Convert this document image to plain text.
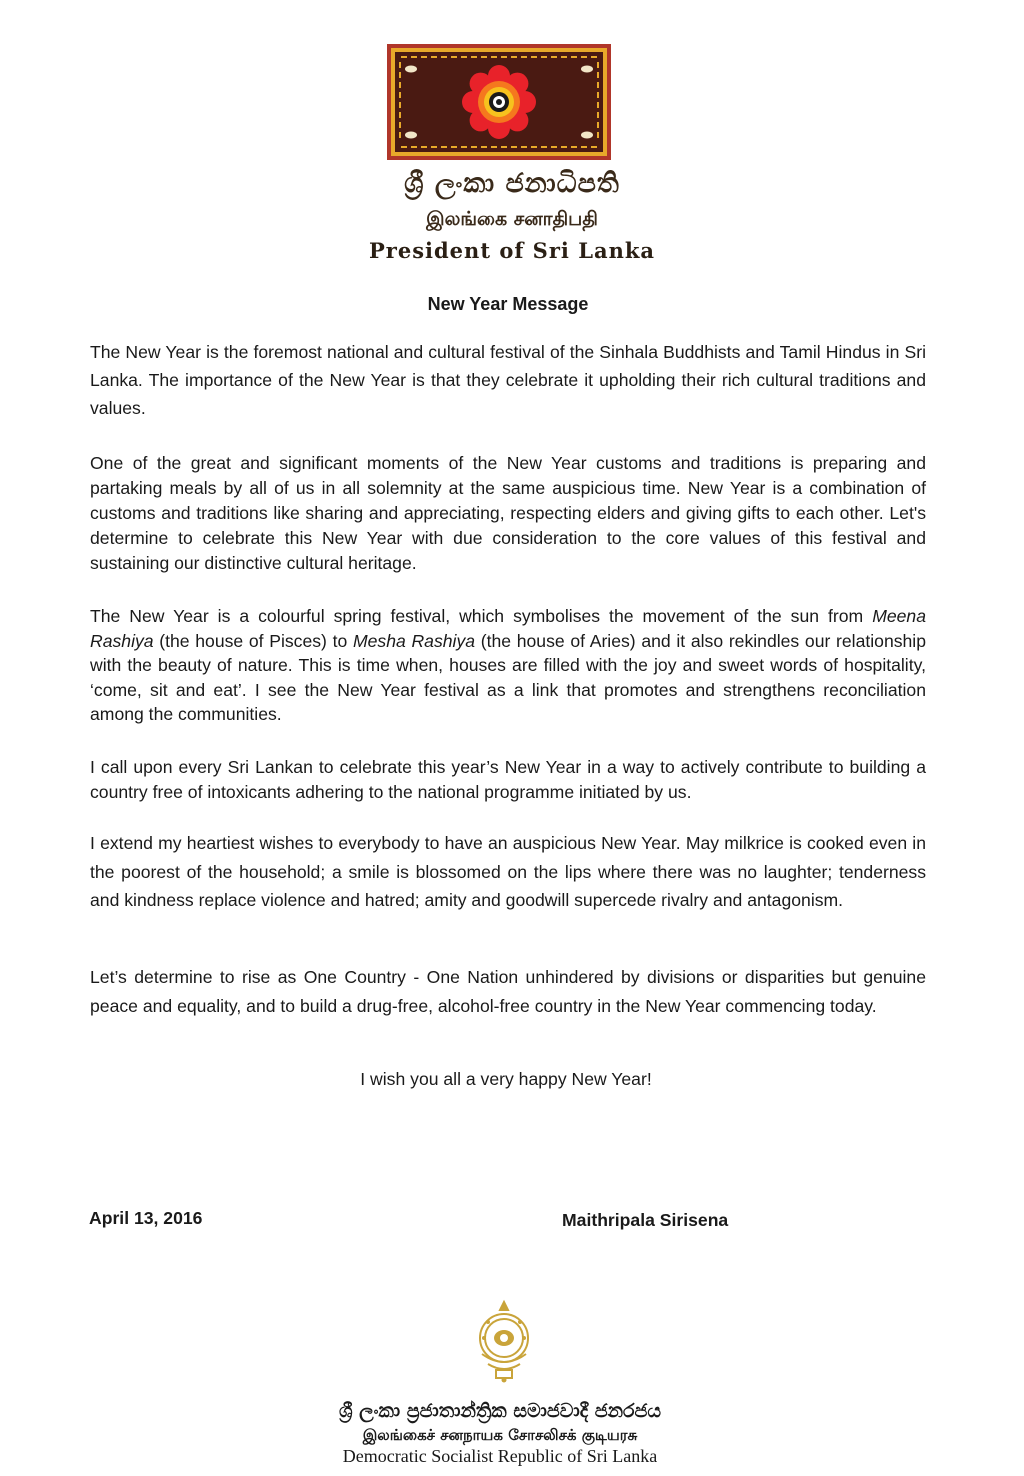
ශ්‍රී ලංකා ජනාධිපති
இலங்கை சனாதிபதி
President of Sri Lanka
New Year Message

The New Year is the foremost national and cultural festival of the Sinhala Buddhists and Tamil Hindus in Sri Lanka. The importance of the New Year is that they celebrate it upholding their rich cultural traditions and values.

One of the great and significant moments of the New Year customs and traditions is preparing and partaking meals by all of us in all solemnity at the same auspicious time. New Year is a combination of customs and traditions like sharing and appreciating, respecting elders and giving gifts to each other. Let's determine to celebrate this New Year with due consideration to the core values of this festival and sustaining our distinctive cultural heritage.

The New Year is a colourful spring festival, which symbolises the movement of the sun from Meena Rashiya (the house of Pisces) to Mesha Rashiya (the house of Aries) and it also rekindles our relationship with the beauty of nature. This is time when, houses are filled with the joy and sweet words of hospitality, ‘come, sit and eat’. I see the New Year festival as a link that promotes and strengthens reconciliation among the communities.

I call upon every Sri Lankan to celebrate this year’s New Year in a way to actively contribute to building a country free of intoxicants adhering to the national programme initiated by us.

I extend my heartiest wishes to everybody to have an auspicious New Year. May milkrice is cooked even in the poorest of the household; a smile is blossomed on the lips where there was no laughter; tenderness and kindness replace violence and hatred; amity and goodwill supercede rivalry and antagonism.

Let’s determine to rise as One Country - One Nation unhindered by divisions or disparities but genuine peace and equality, and to build a drug-free, alcohol-free country in the New Year commencing today.

I wish you all a very happy New Year!
April 13, 2016	Maithripala Sirisena
ශ්‍රී ලංකා ප්‍රජාතාන්ත්‍රික සමාජවාදී ජනරජය
இலங்கைச் சனநாயக சோசலிசக் குடியரசு
Democratic Socialist Republic of Sri Lanka
